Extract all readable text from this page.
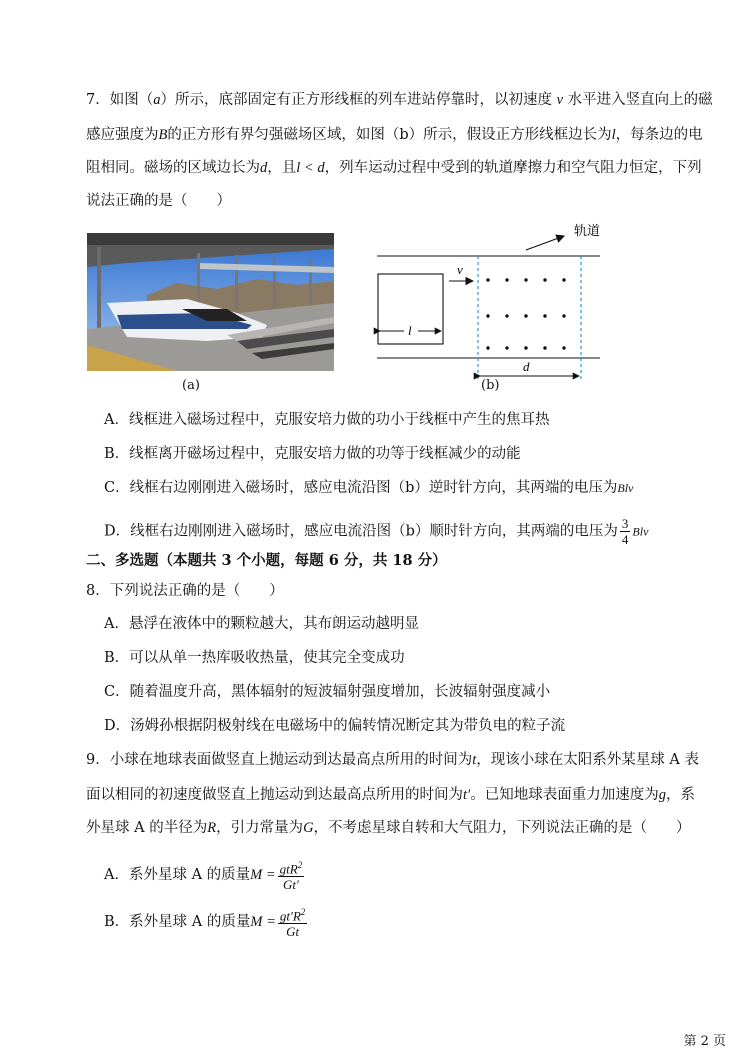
7．如图（a）所示，底部固定有正方形线框的列车进站停靠时，以初速度 v 水平进入竖直向上的磁
感应强度为B的正方形有界匀强磁场区域，如图（b）所示，假设正方形线框边长为l，每条边的电
阻相同。磁场的区域边长为d，且l < d，列车运动过程中受到的轨道摩擦力和空气阻力恒定，下列
说法正确的是（　　）
(a)
轨道
l
v
d
(b)
A．线框进入磁场过程中，克服安培力做的功小于线框中产生的焦耳热
B．线框离开磁场过程中，克服安培力做的功等于线框减少的动能
C．线框右边刚刚进入磁场时，感应电流沿图（b）逆时针方向，其两端的电压为Blv
D．线框右边刚刚进入磁场时，感应电流沿图（b）顺时针方向，其两端的电压为 $\frac{3}{4}$ Blv
二、多选题（本题共 3 个小题，每题 6 分，共 18 分）
8．下列说法正确的是（　　）
A．悬浮在液体中的颗粒越大，其布朗运动越明显
B．可以从单一热库吸收热量，使其完全变成功
C．随着温度升高，黑体辐射的短波辐射强度增加，长波辐射强度减小
D．汤姆孙根据阴极射线在电磁场中的偏转情况断定其为带负电的粒子流
9．小球在地球表面做竖直上抛运动到达最高点所用的时间为t，现该小球在太阳系外某星球 A 表
面以相同的初速度做竖直上抛运动到达最高点所用的时间为t′。已知地球表面重力加速度为g，系
外星球 A 的半径为R，引力常量为G，不考虑星球自转和大气阻力，下列说法正确的是（　　）
A．系外星球 A 的质量$M = \frac{gtR^2}{Gt'}$
B．系外星球 A 的质量$M = \frac{gt'R^2}{Gt}$
第 2 页
